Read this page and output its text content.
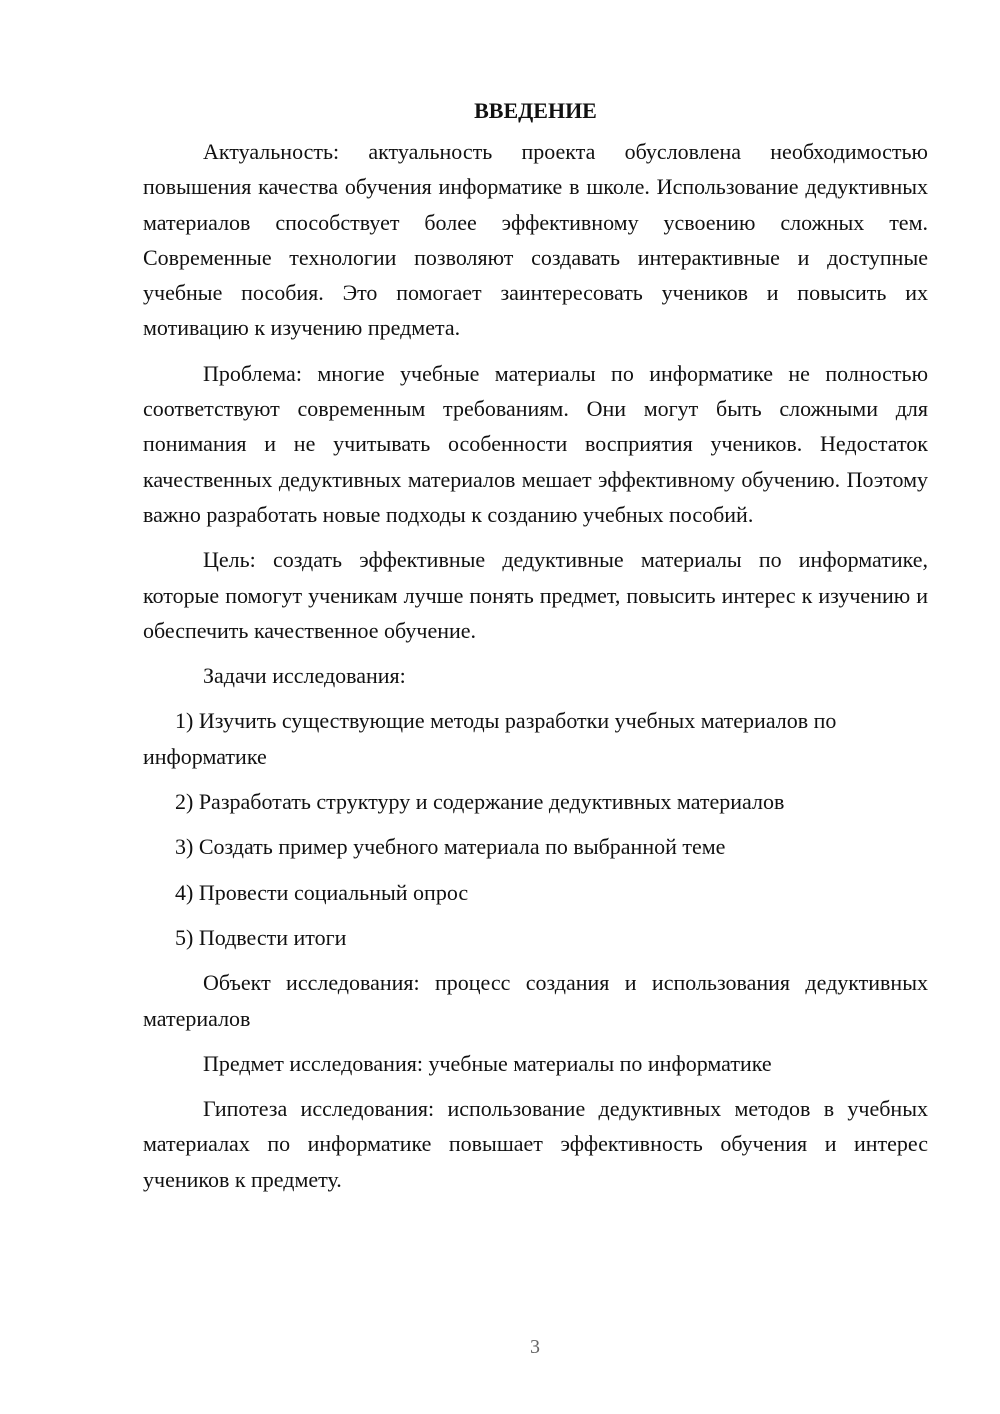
ВВЕДЕНИЕ

Актуальность: актуальность проекта обусловлена необходимостью повышения качества обучения информатике в школе. Использование дедуктивных материалов способствует более эффективному усвоению сложных тем. Современные технологии позволяют создавать интерактивные и доступные учебные пособия. Это помогает заинтересовать учеников и повысить их мотивацию к изучению предмета.

Проблема: многие учебные материалы по информатике не полностью соответствуют современным требованиям. Они могут быть сложными для понимания и не учитывать особенности восприятия учеников. Недостаток качественных дедуктивных материалов мешает эффективному обучению. Поэтому важно разработать новые подходы к созданию учебных пособий.

Цель: создать эффективные дедуктивные материалы по информатике, которые помогут ученикам лучше понять предмет, повысить интерес к изучению и обеспечить качественное обучение.

Задачи исследования:

1) Изучить существующие методы разработки учебных материалов по информатике

2) Разработать структуру и содержание дедуктивных материалов

3) Создать пример учебного материала по выбранной теме

4) Провести социальный опрос

5) Подвести итоги

Объект исследования: процесс создания и использования дедуктивных материалов

Предмет исследования: учебные материалы по информатике

Гипотеза исследования: использование дедуктивных методов в учебных материалах по информатике повышает эффективность обучения и интерес учеников к предмету.

3
